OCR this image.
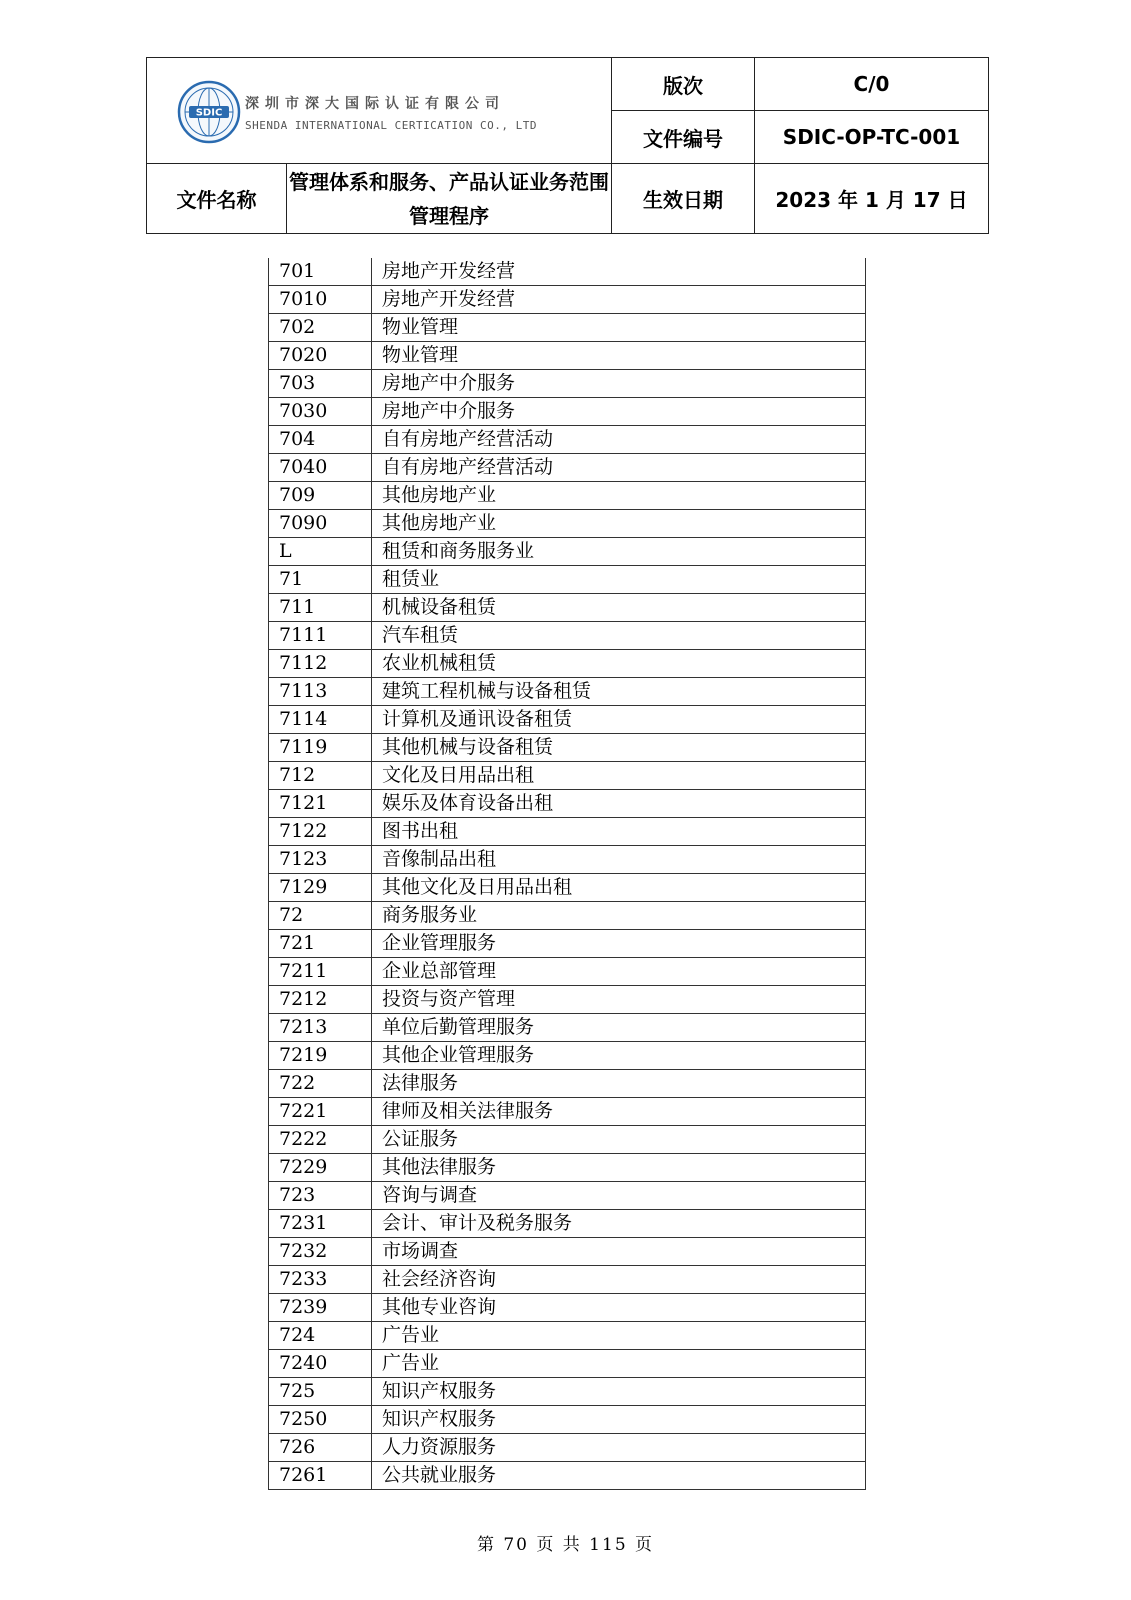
SDIC
深圳市深大国际认证有限公司
SHENDA INTERNATIONAL CERTICATION CO., LTD		版次	C/0
		文件编号	SDIC-OP-TC-001
文件名称	管理体系和服务、产品认证业务范围管理程序	生效日期	2023 年 1 月 17 日
701	房地产开发经营
7010	房地产开发经营
702	物业管理
7020	物业管理
703	房地产中介服务
7030	房地产中介服务
704	自有房地产经营活动
7040	自有房地产经营活动
709	其他房地产业
7090	其他房地产业
L	租赁和商务服务业
71	租赁业
711	机械设备租赁
7111	汽车租赁
7112	农业机械租赁
7113	建筑工程机械与设备租赁
7114	计算机及通讯设备租赁
7119	其他机械与设备租赁
712	文化及日用品出租
7121	娱乐及体育设备出租
7122	图书出租
7123	音像制品出租
7129	其他文化及日用品出租
72	商务服务业
721	企业管理服务
7211	企业总部管理
7212	投资与资产管理
7213	单位后勤管理服务
7219	其他企业管理服务
722	法律服务
7221	律师及相关法律服务
7222	公证服务
7229	其他法律服务
723	咨询与调查
7231	会计、审计及税务服务
7232	市场调查
7233	社会经济咨询
7239	其他专业咨询
724	广告业
7240	广告业
725	知识产权服务
7250	知识产权服务
726	人力资源服务
7261	公共就业服务
第 70 页 共 115 页
